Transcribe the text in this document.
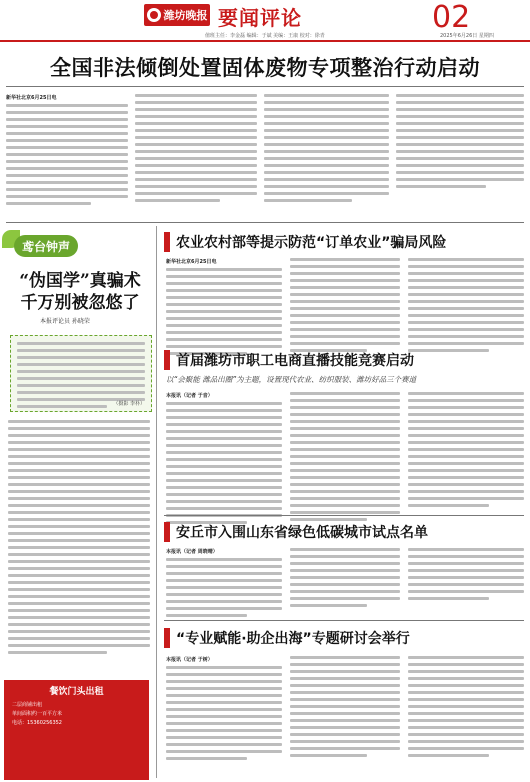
潍坊晚报 要闻评论	02
值班主任：李金磊 编辑：于斌 美编：王康 校对：徐青	2025年6月26日 星期四
全国非法倾倒处置固体废物专项整治行动启动
新华社北京6月25日电
鸢台钟声
“伪国学”真骗术
千万别被忽悠了
本报评论员 孙晓荣
（摄影 李朴）
餐饮门头出租
二层商铺出租
单间面积约一百平方米
电话：15360256352
农业农村部等提示防范“订单农业”骗局风险
新华社北京6月25日电
首届潍坊市职工电商直播技能竞赛启动
以“会聚能 潍品出圈”为主题，设置现代农业、纺织服装、潍坊好品三个赛道
本报讯（记者 于音）
安丘市入围山东省绿色低碳城市试点名单
本报讯（记者 周晓晴）
“专业赋能·助企出海”专题研讨会举行
本报讯（记者 于树）
